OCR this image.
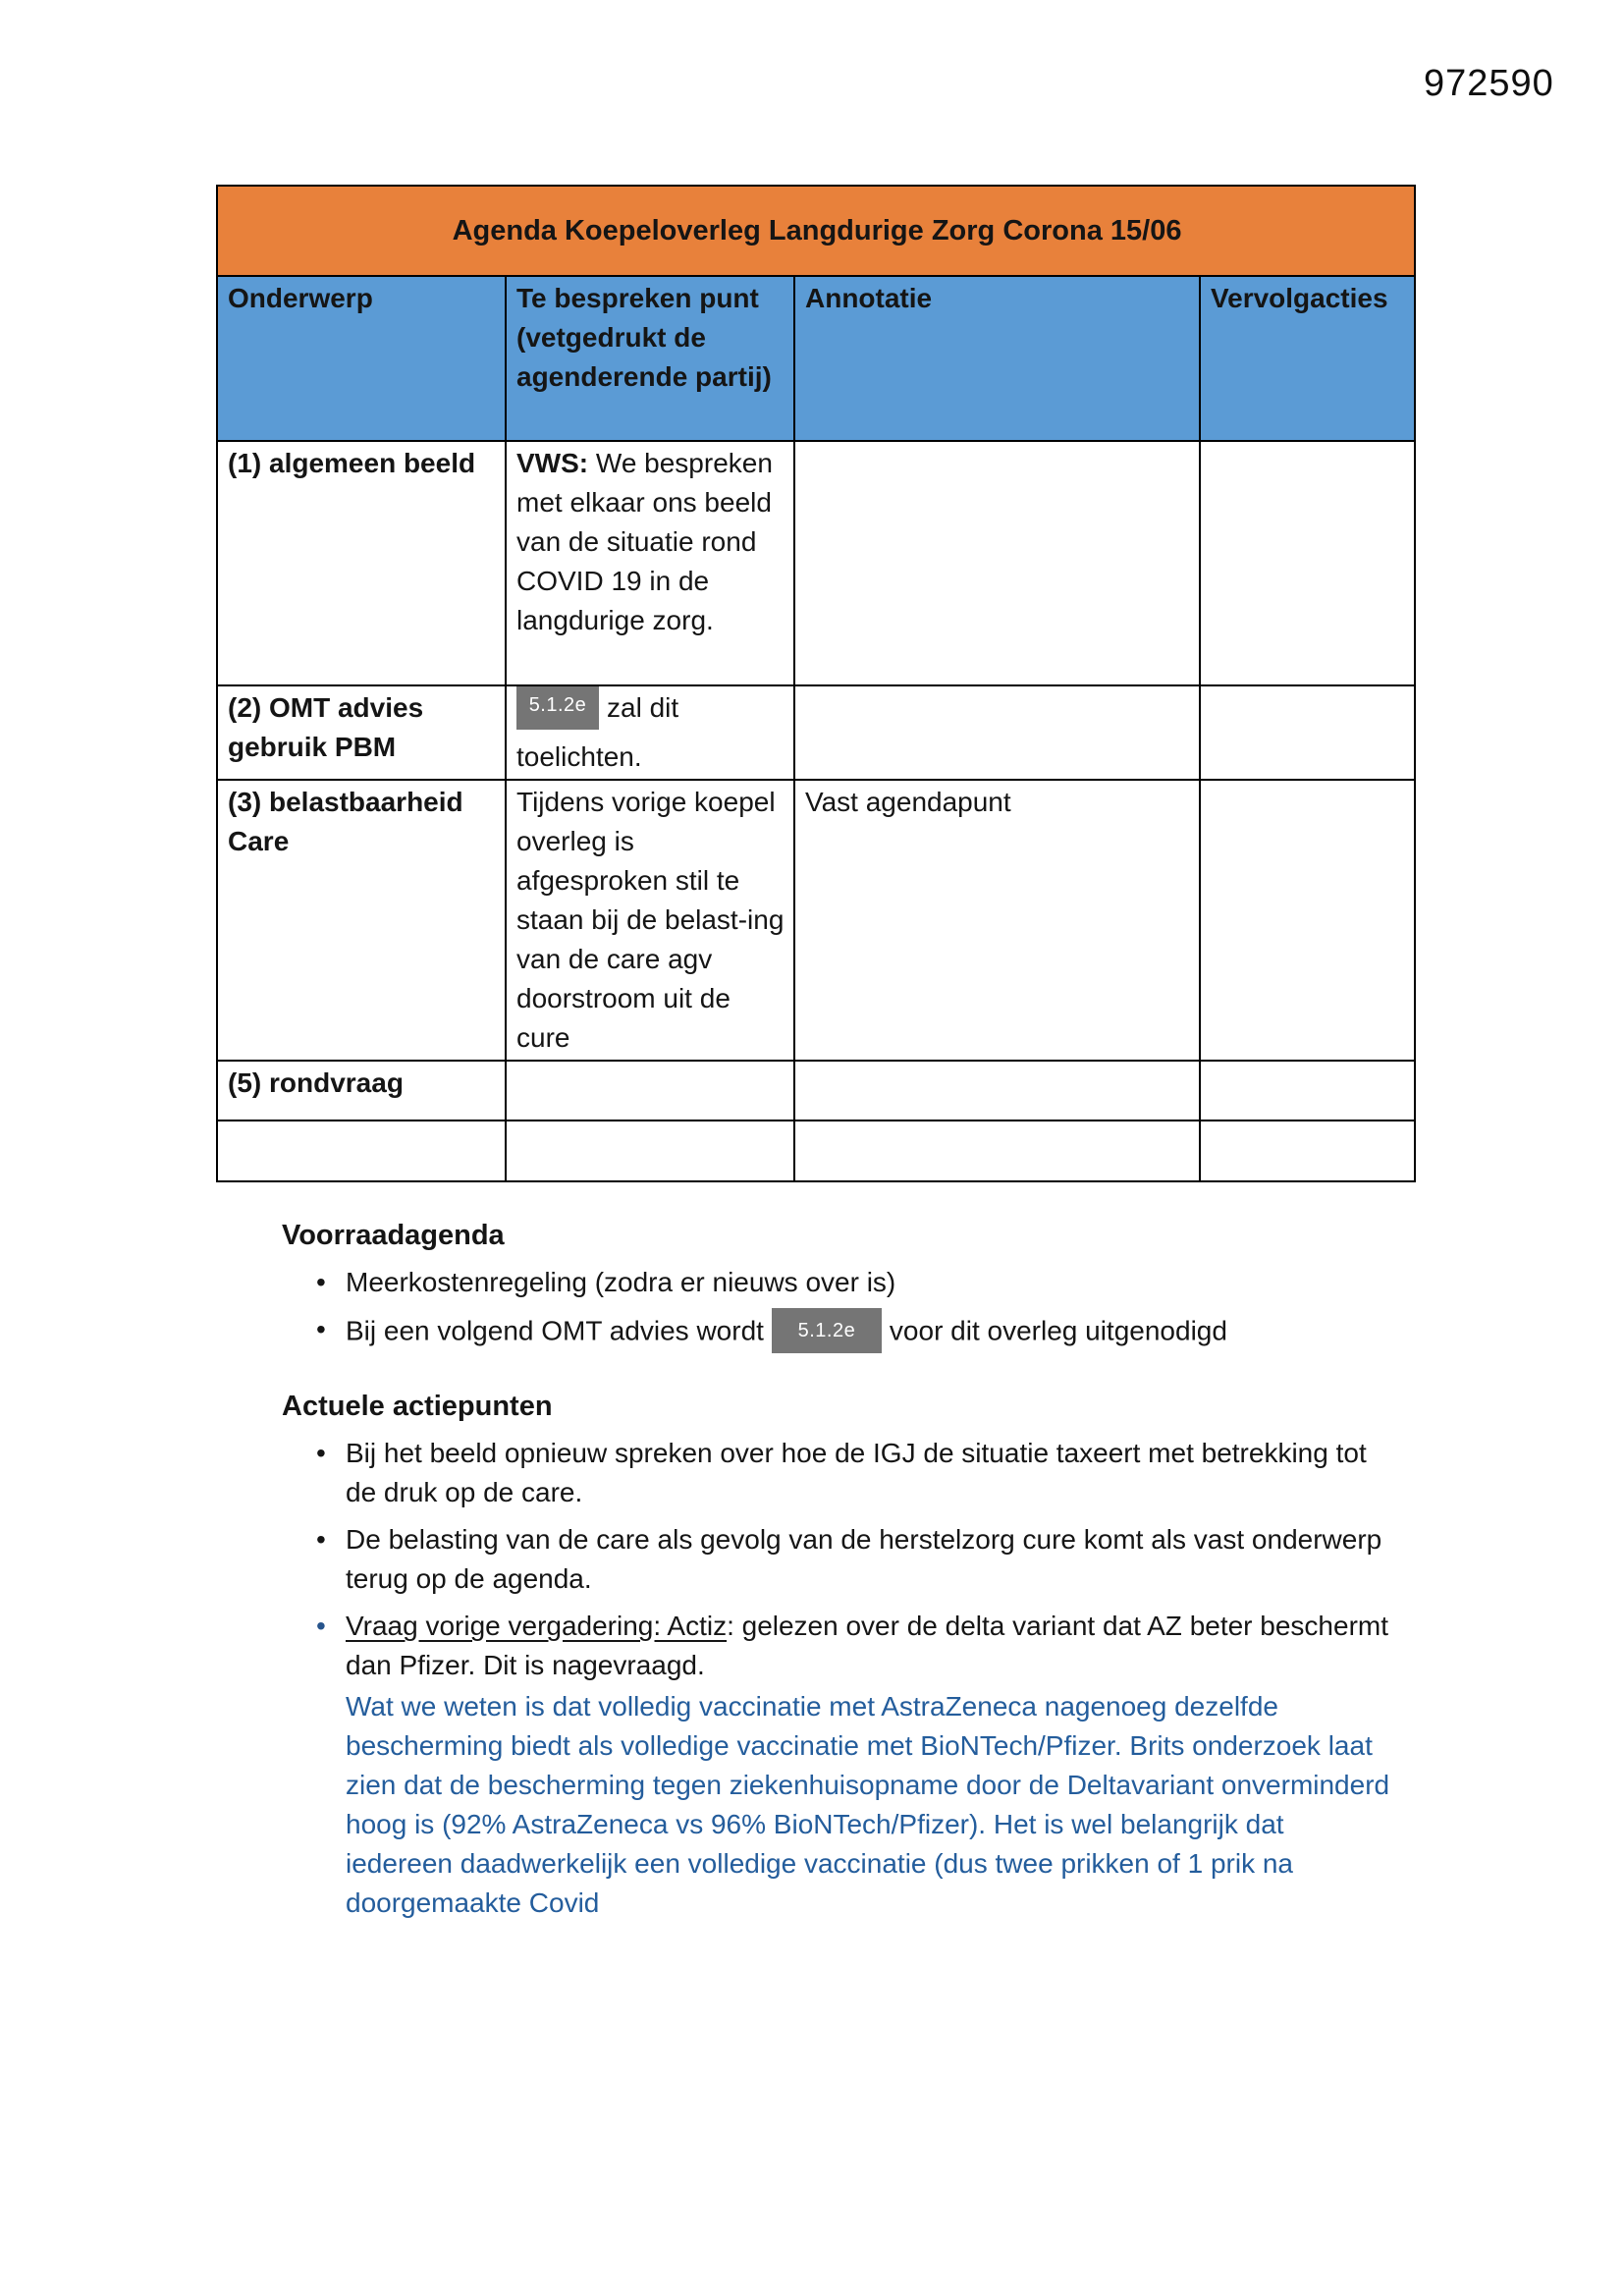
972590
Agenda Koepeloverleg Langdurige Zorg Corona 15/06			
Onderwerp	Te bespreken punt (vetgedrukt de agenderende partij)	Annotatie	Vervolgacties
(1) algemeen beeld	VWS: We bespreken met elkaar ons beeld van de situatie rond COVID 19 in de langdurige zorg.		
(2) OMT advies gebruik PBM	5.1.2e zal dit toelichten.		
(3) belastbaarheid Care	Tijdens vorige koepel overleg is afgesproken stil te staan bij de belast-ing van de care agv doorstroom uit de cure	Vast agendapunt	
(5) rondvraag			

Voorraadagenda
• Meerkostenregeling (zodra er nieuws over is)
• Bij een volgend OMT advies wordt 5.1.2e voor dit overleg uitgenodigd
Actuele actiepunten
• Bij het beeld opnieuw spreken over hoe de IGJ de situatie taxeert met betrekking tot de druk op de care.
• De belasting van de care als gevolg van de herstelzorg cure komt als vast onderwerp terug op de agenda.
• Vraag vorige vergadering: Actiz: gelezen over de delta variant dat AZ beter beschermt dan Pfizer. Dit is nagevraagd.
Wat we weten is dat volledig vaccinatie met AstraZeneca nagenoeg dezelfde bescherming biedt als volledige vaccinatie met BioNTech/Pfizer. Brits onderzoek laat zien dat de bescherming tegen ziekenhuisopname door de Deltavariant onverminderd hoog is (92% AstraZeneca vs 96% BioNTech/Pfizer). Het is wel belangrijk dat iedereen daadwerkelijk een volledige vaccinatie (dus twee prikken of 1 prik na doorgemaakte Covid
